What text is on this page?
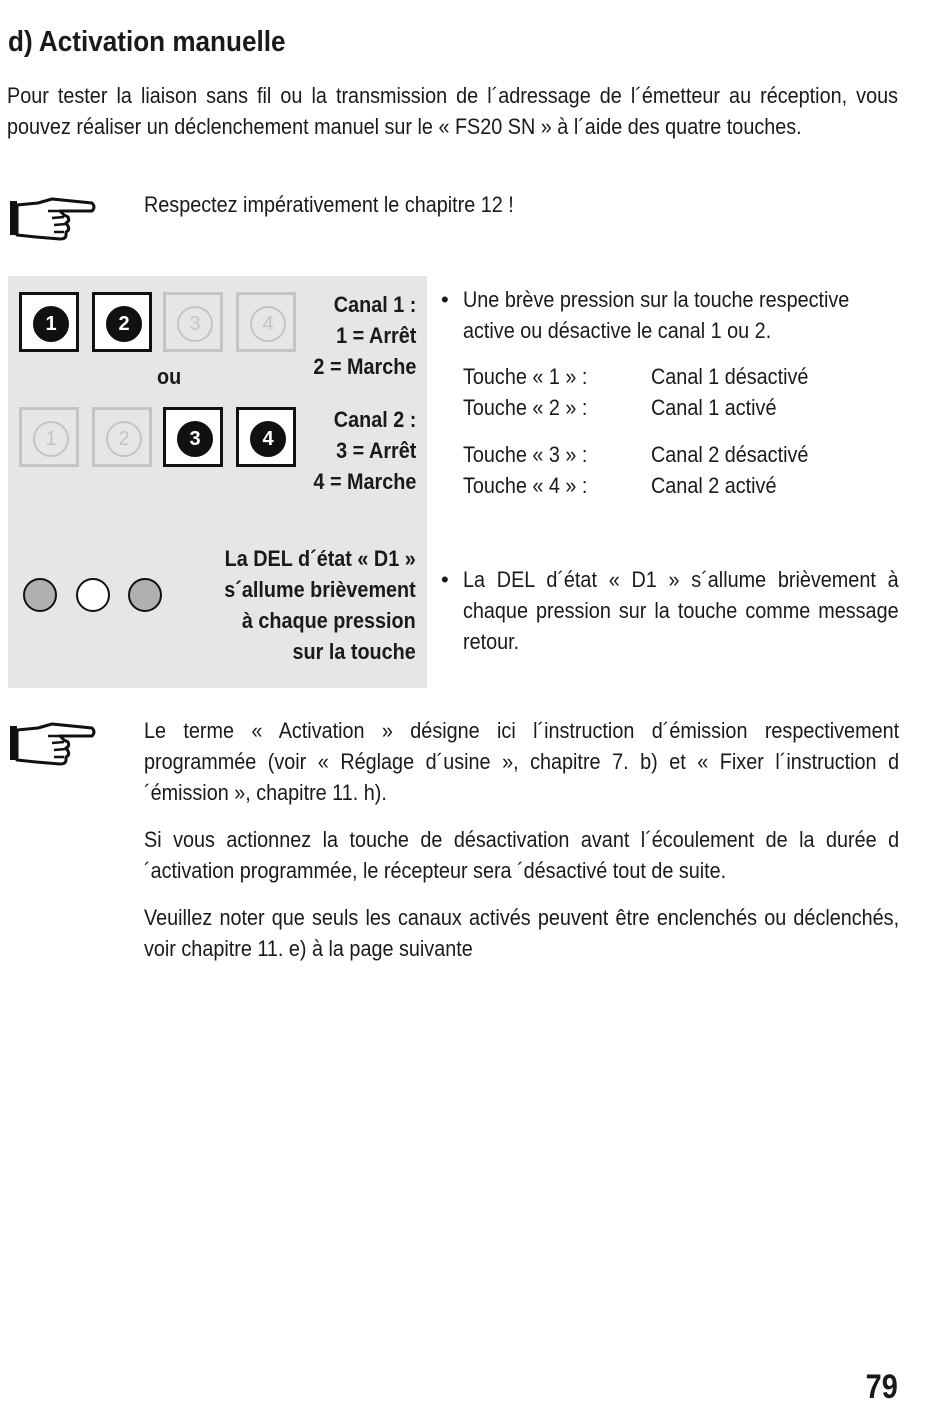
d) Activation manuelle
Pour tester la liaison sans fil ou la transmission de l´adressage de l´émetteur au réception, vous pouvez réaliser un déclenchement manuel sur le « FS20 SN » à l´aide des quatre touches.
Respectez impérativement le chapitre 12 !
1	2	3	4
1	2	3	4
ou
Canal 1 :
1 = Arrêt
2 = Marche
Canal 2 :
3 = Arrêt
4 = Marche
La DEL d´état « D1 »
s´allume brièvement
à chaque pression
sur la touche
• Une brève pression sur la touche respective
active ou désactive le canal 1 ou 2.
Touche « 1 » :	Canal 1 désactivé
Touche « 2 » :	Canal 1 activé
Touche « 3 » :	Canal 2 désactivé
Touche « 4 » :	Canal 2 activé
• La DEL d´état « D1 » s´allume brièvement à chaque pression sur la touche comme message retour.
Le terme « Activation » désigne ici l´instruction d´émission respectivement programmée (voir « Réglage d´usine », chapitre 7. b) et « Fixer l´instruction d´émission », chapitre 11. h).
Si vous actionnez la touche de désactivation avant l´écoulement de la durée d´activation programmée, le récepteur sera ´désactivé tout de suite.
Veuillez noter que seuls les canaux activés peuvent être enclenchés ou déclenchés, voir chapitre 11. e) à la page suivante
79
